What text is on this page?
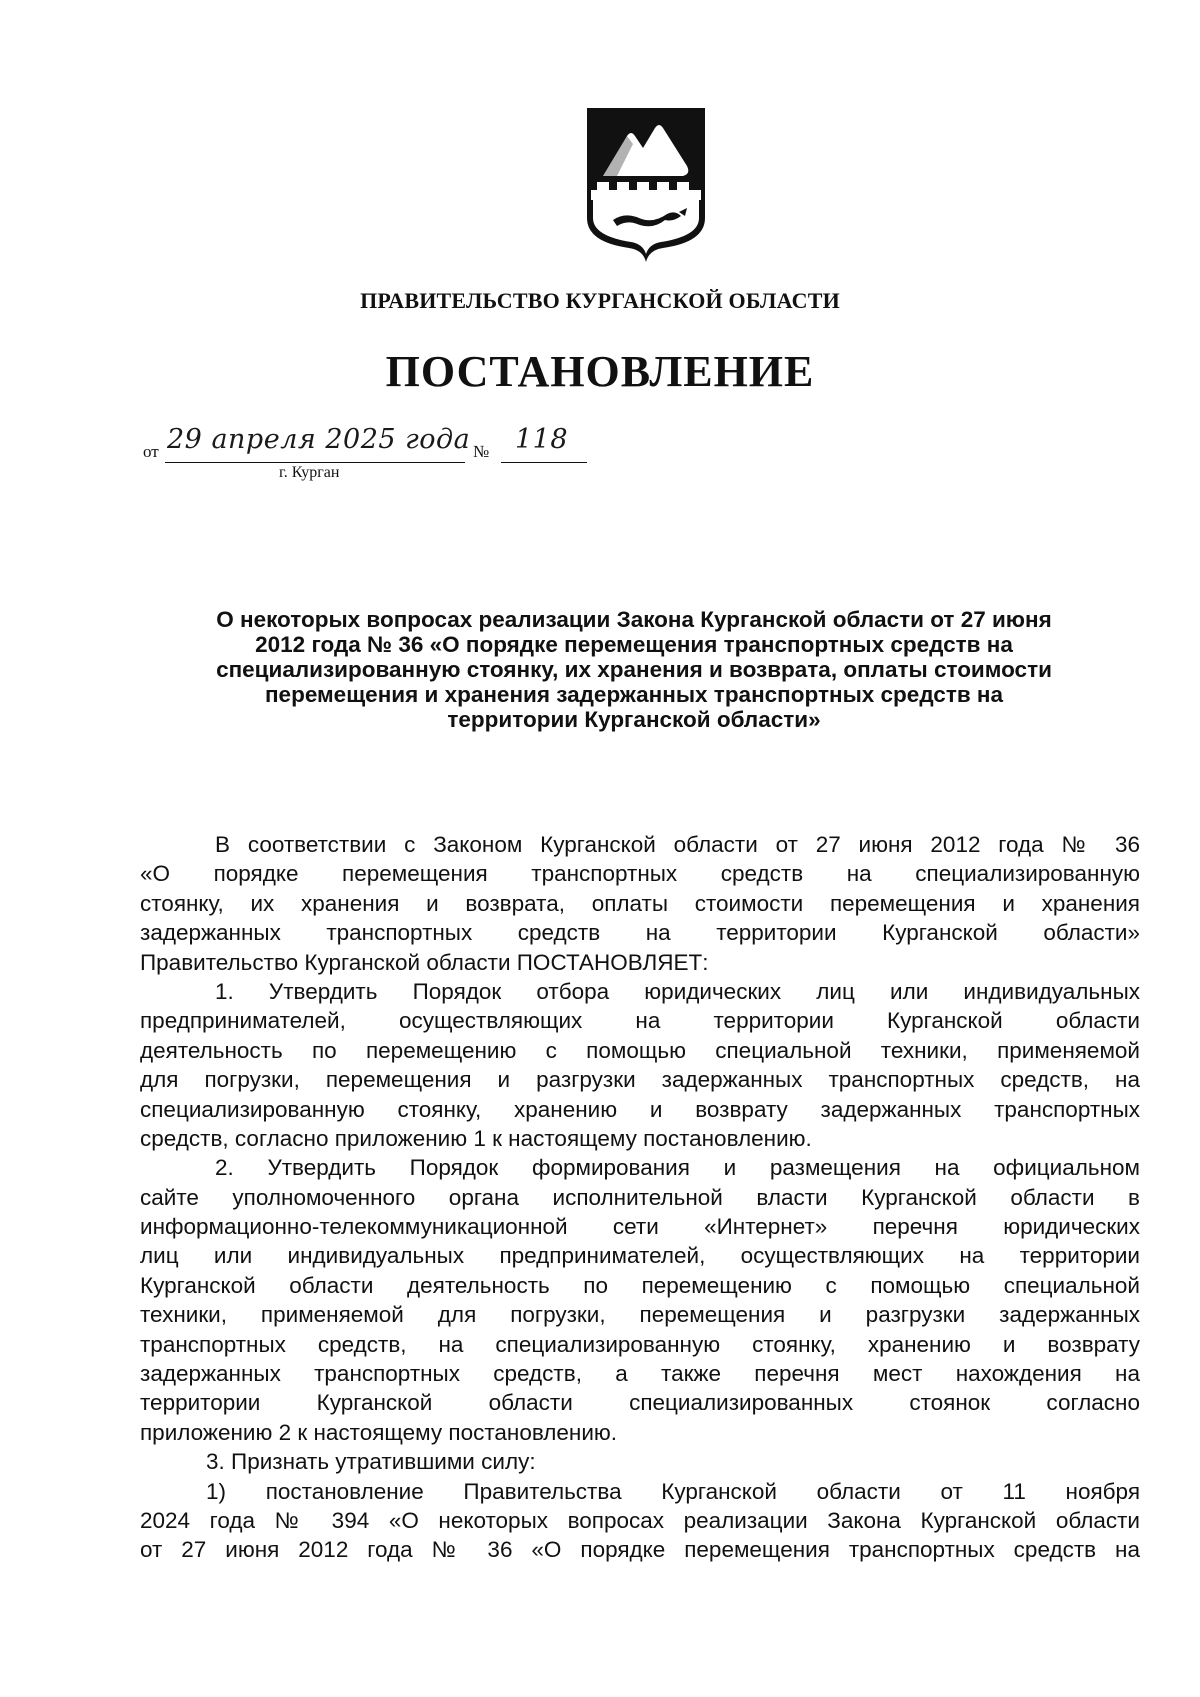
ПРАВИТЕЛЬСТВО КУРГАНСКОЙ ОБЛАСТИ
ПОСТАНОВЛЕНИЕ
от 29 апреля 2025 года № 118
г. Курган
О некоторых вопросах реализации Закона Курганской области от 27 июня
2012 года № 36 «О порядке перемещения транспортных средств на
специализированную стоянку, их хранения и возврата, оплаты стоимости
перемещения и хранения задержанных транспортных средств на
территории Курганской области»
В соответствии с Законом Курганской области от 27 июня 2012 года № 36
«О порядке перемещения транспортных средств на специализированную
стоянку, их хранения и возврата, оплаты стоимости перемещения и хранения
задержанных транспортных средств на территории Курганской области»
Правительство Курганской области ПОСТАНОВЛЯЕТ:
1. Утвердить Порядок отбора юридических лиц или индивидуальных
предпринимателей, осуществляющих на территории Курганской области
деятельность по перемещению с помощью специальной техники, применяемой
для погрузки, перемещения и разгрузки задержанных транспортных средств, на
специализированную стоянку, хранению и возврату задержанных транспортных
средств, согласно приложению 1 к настоящему постановлению.
2. Утвердить Порядок формирования и размещения на официальном
сайте уполномоченного органа исполнительной власти Курганской области в
информационно-телекоммуникационной сети «Интернет» перечня юридических
лиц или индивидуальных предпринимателей, осуществляющих на территории
Курганской области деятельность по перемещению с помощью специальной
техники, применяемой для погрузки, перемещения и разгрузки задержанных
транспортных средств, на специализированную стоянку, хранению и возврату
задержанных транспортных средств, а также перечня мест нахождения на
территории Курганской области специализированных стоянок согласно
приложению 2 к настоящему постановлению.
3. Признать утратившими силу:
1) постановление Правительства Курганской области от 11 ноября
2024 года № 394 «О некоторых вопросах реализации Закона Курганской области
от 27 июня 2012 года № 36 «О порядке перемещения транспортных средств на
